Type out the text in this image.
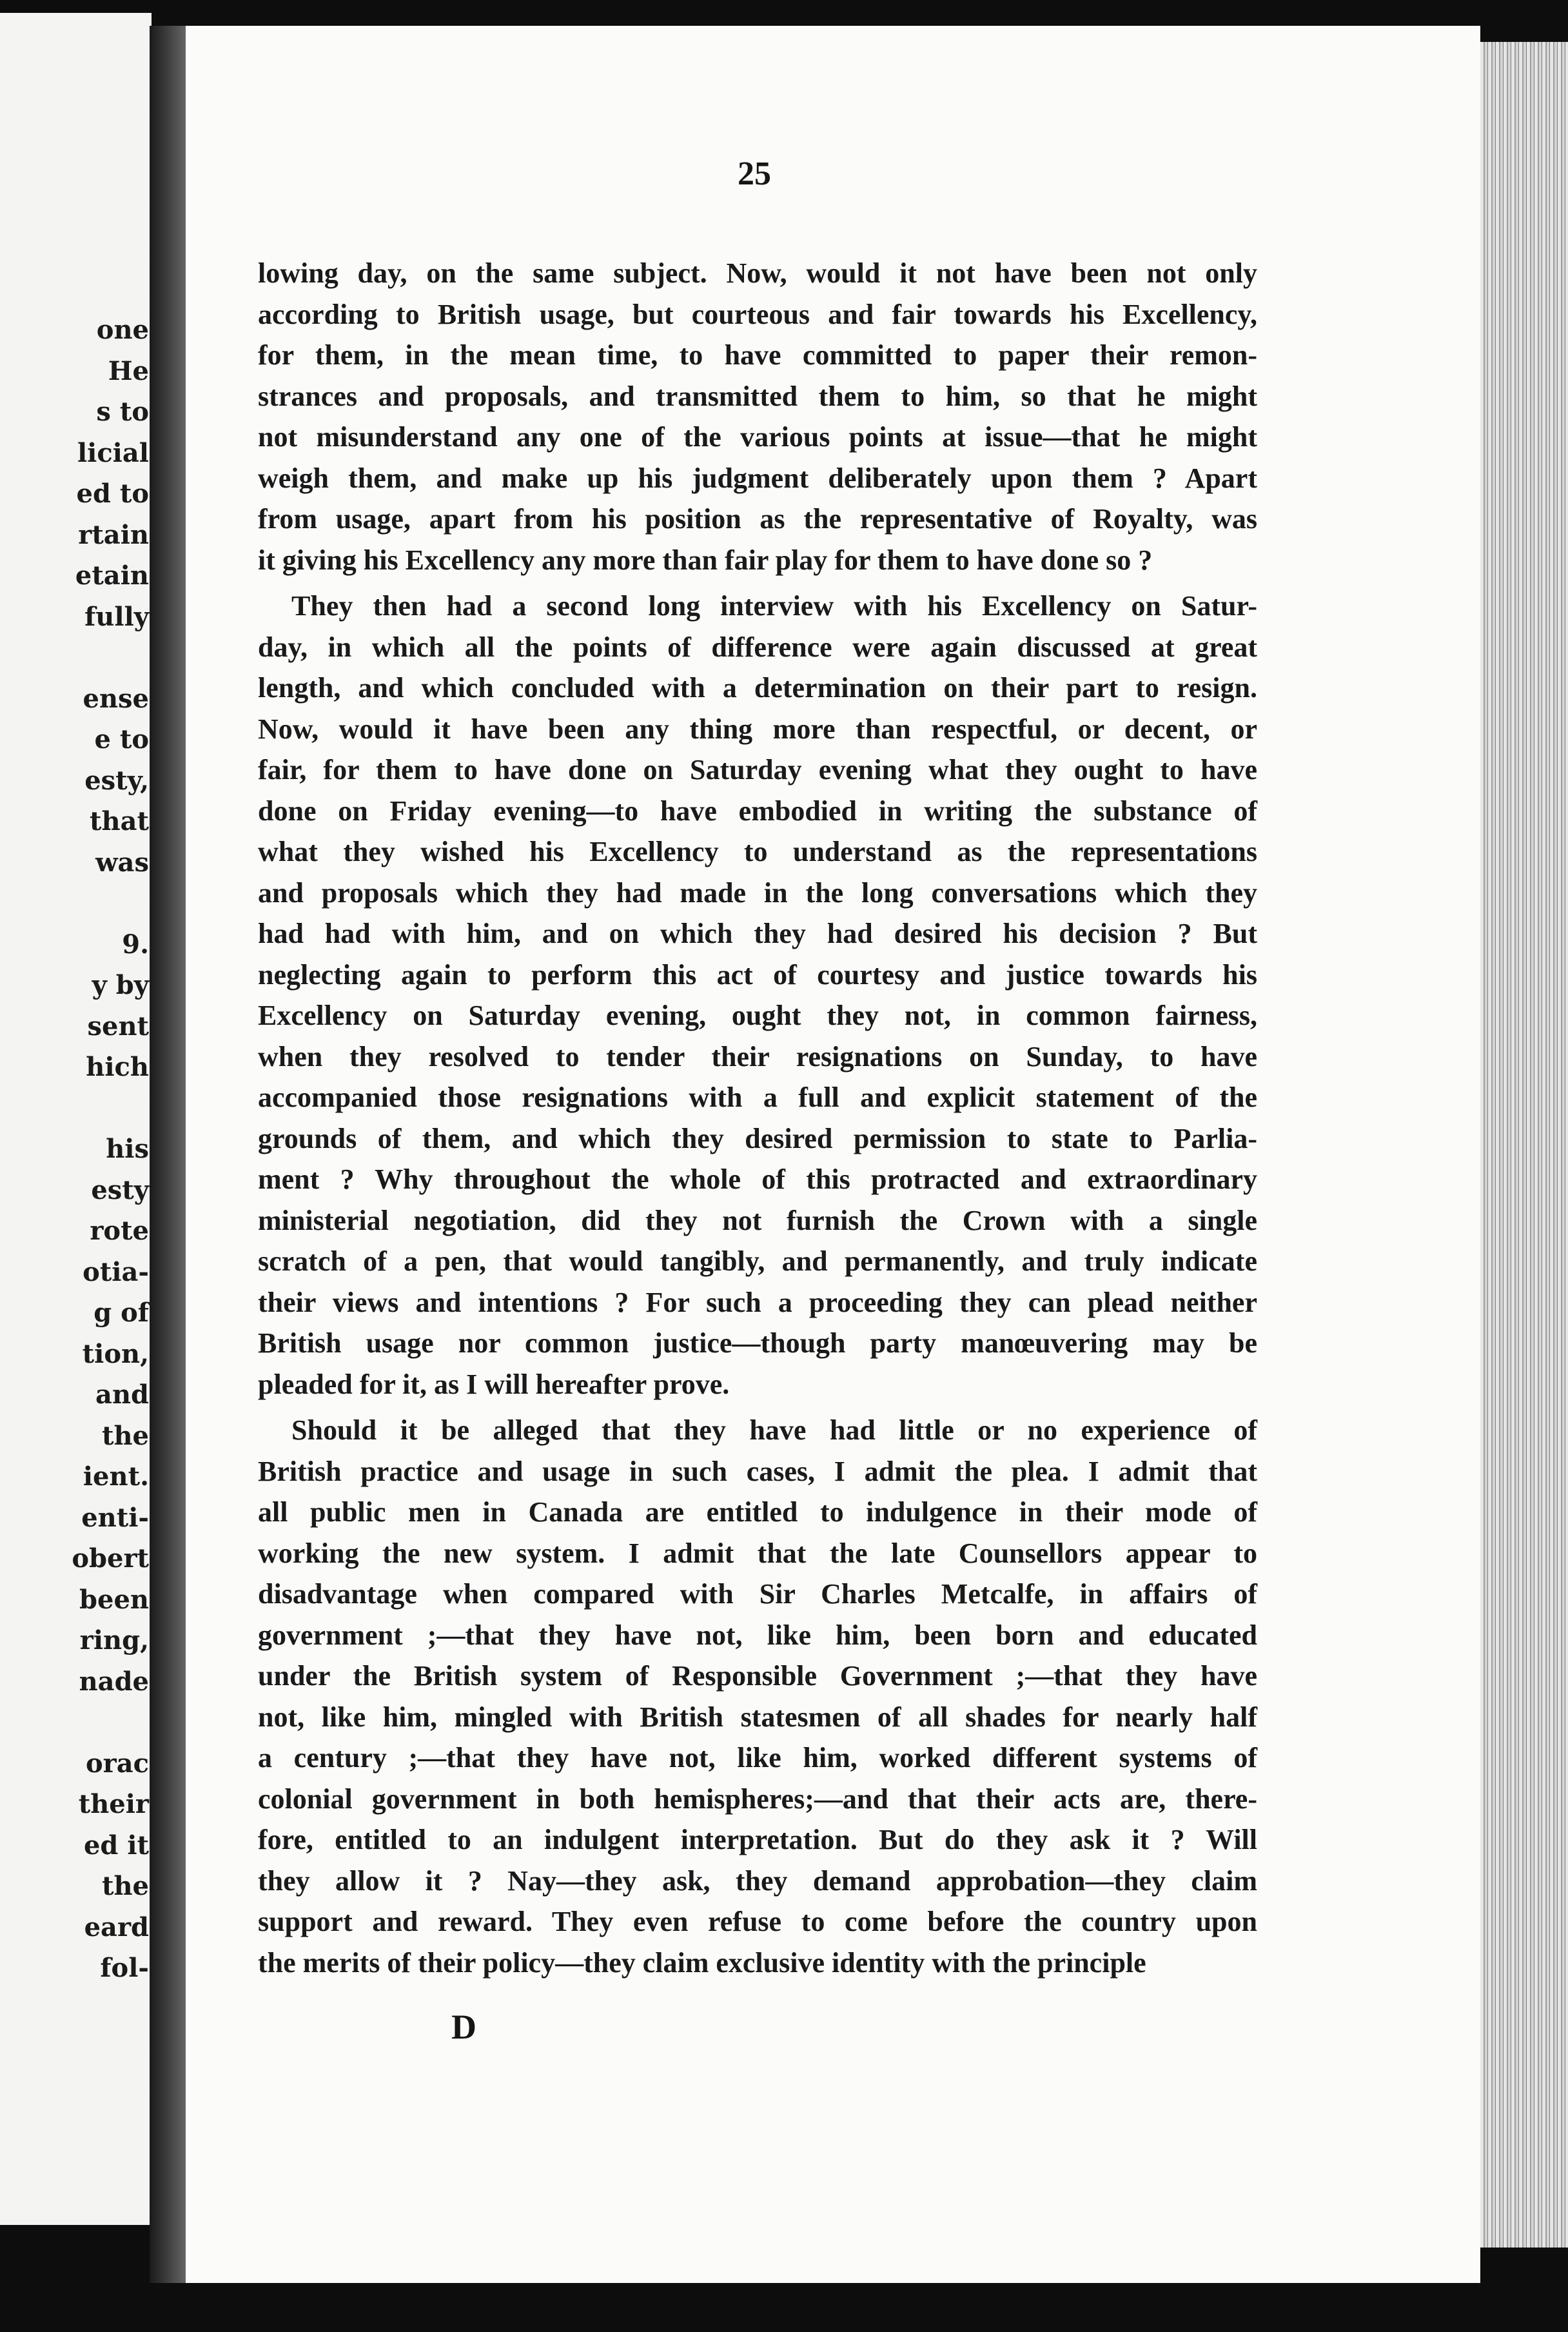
one
He
s to
licial
ed to
rtain
etain
fully
ense
e to
esty,
that
was
9.
y by
sent
hich
his
esty
rote
otia-
g of
tion,
and
the
ient.
enti-
obert
been
ring,
nade
orac
their
ed it
the
eard
fol-
25
lowing day, on the same subject. Now, would it not have been not only
according to British usage, but courteous and fair towards his Excellency,
for them, in the mean time, to have committed to paper their remon-
strances and proposals, and transmitted them to him, so that he might
not misunderstand any one of the various points at issue—that he might
weigh them, and make up his judgment deliberately upon them ? Apart
from usage, apart from his position as the representative of Royalty, was
it giving his Excellency any more than fair play for them to have done so ?
They then had a second long interview with his Excellency on Satur-
day, in which all the points of difference were again discussed at great
length, and which concluded with a determination on their part to resign.
Now, would it have been any thing more than respectful, or decent, or
fair, for them to have done on Saturday evening what they ought to have
done on Friday evening—to have embodied in writing the substance of
what they wished his Excellency to understand as the representations
and proposals which they had made in the long conversations which they
had had with him, and on which they had desired his decision ? But
neglecting again to perform this act of courtesy and justice towards his
Excellency on Saturday evening, ought they not, in common fairness,
when they resolved to tender their resignations on Sunday, to have
accompanied those resignations with a full and explicit statement of the
grounds of them, and which they desired permission to state to Parlia-
ment ? Why throughout the whole of this protracted and extraordinary
ministerial negotiation, did they not furnish the Crown with a single
scratch of a pen, that would tangibly, and permanently, and truly indicate
their views and intentions ? For such a proceeding they can plead neither
British usage nor common justice—though party manœuvering may be
pleaded for it, as I will hereafter prove.
Should it be alleged that they have had little or no experience of
British practice and usage in such cases, I admit the plea. I admit that
all public men in Canada are entitled to indulgence in their mode of
working the new system. I admit that the late Counsellors appear to
disadvantage when compared with Sir Charles Metcalfe, in affairs of
government ;—that they have not, like him, been born and educated
under the British system of Responsible Government ;—that they have
not, like him, mingled with British statesmen of all shades for nearly half
a century ;—that they have not, like him, worked different systems of
colonial government in both hemispheres;—and that their acts are, there-
fore, entitled to an indulgent interpretation. But do they ask it ? Will
they allow it ? Nay—they ask, they demand approbation—they claim
support and reward. They even refuse to come before the country upon
the merits of their policy—they claim exclusive identity with the principle
D
